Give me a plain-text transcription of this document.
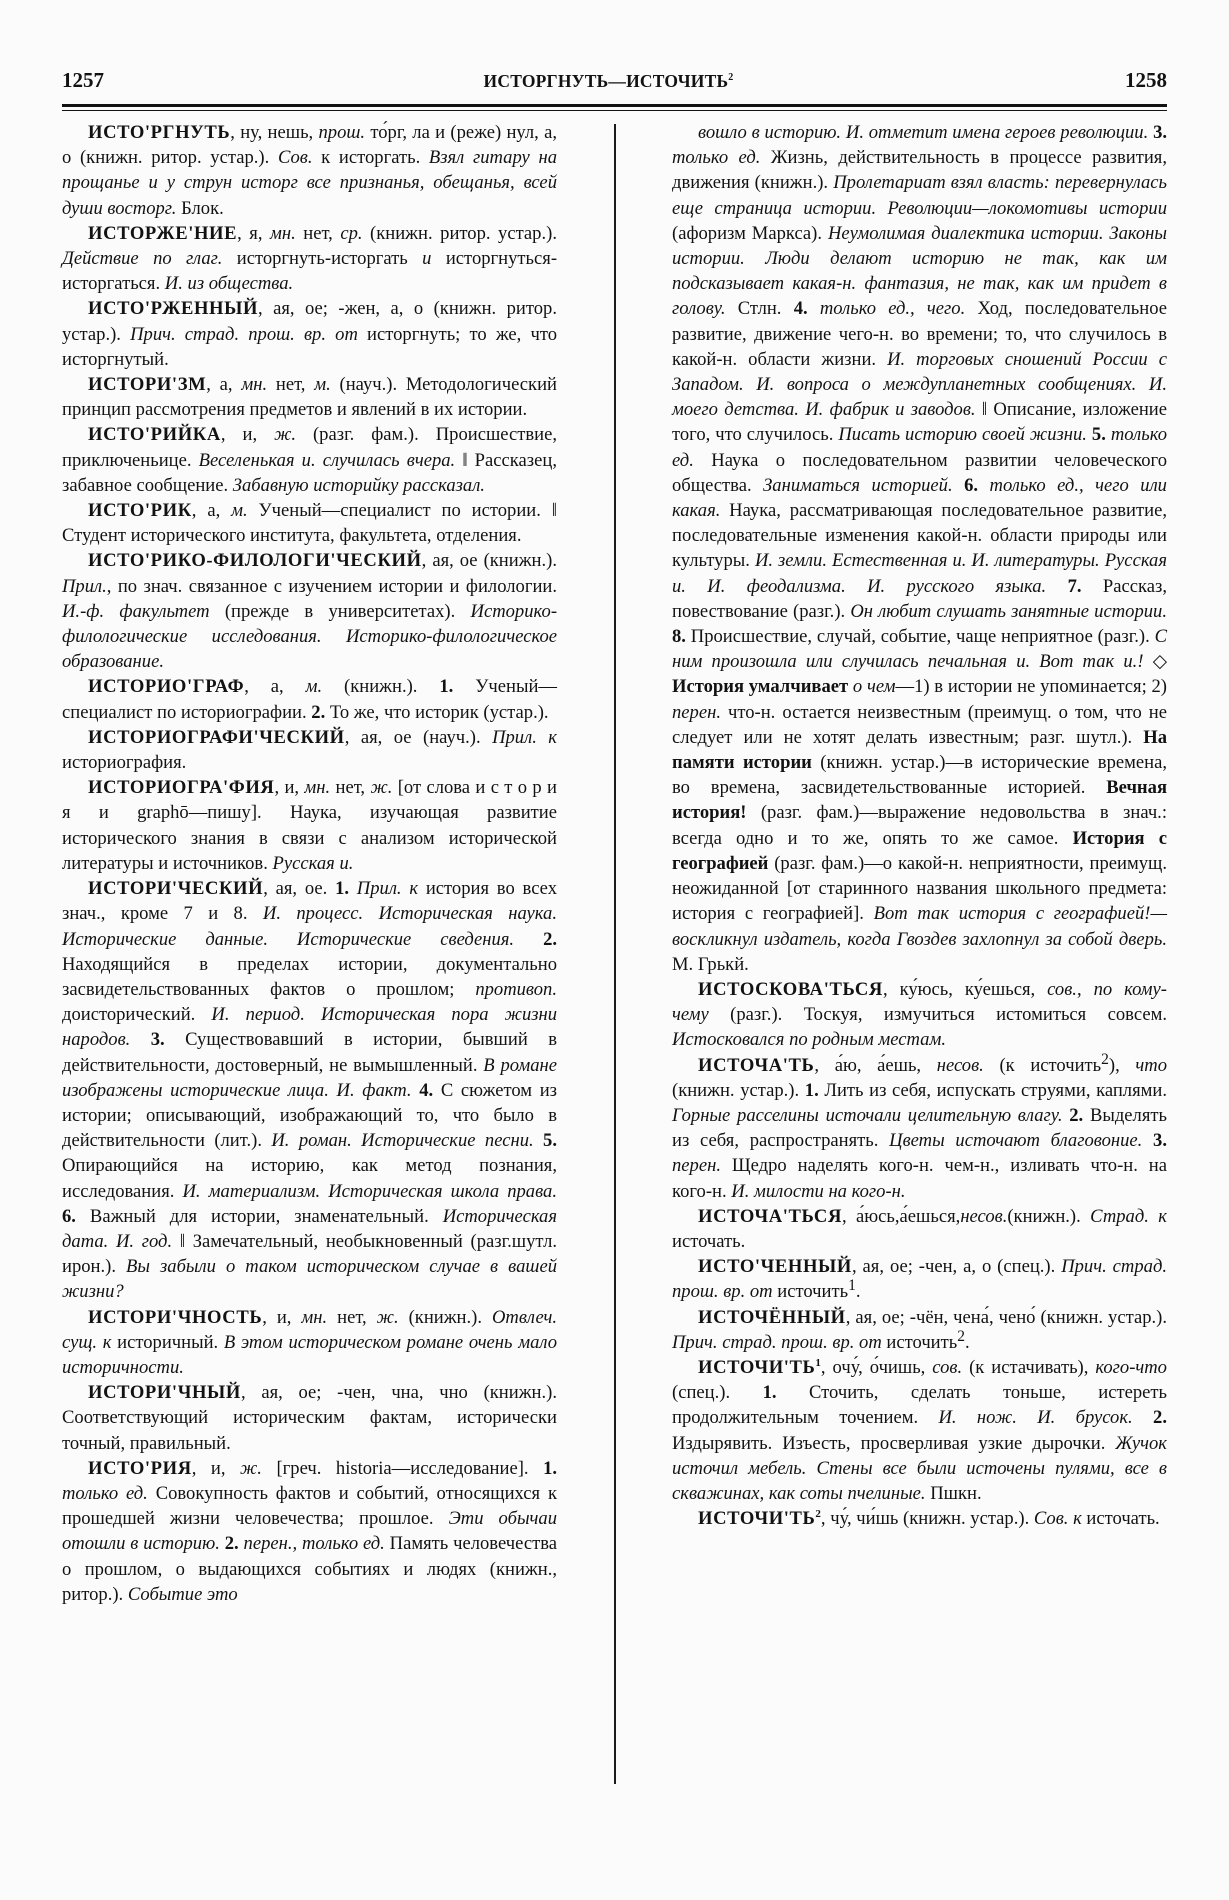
1257	ИСТОРГНУТЬ—ИСТОЧИТЬ$^2$	1258

ИСТО'РГНУТЬ, ну, нешь, прош. то́рг, ла и (реже) нул, а, о (книжн. ритор. устар.). Сов. к исторгать. Взял гитару на прощанье и у струн исторг все признанья, обещанья, всей души восторг. Блок.

ИСТОРЖЕ'НИЕ, я, мн. нет, ср. (книжн. ритор. устар.). Действие по глаг. исторгнуть-исторгать и исторгнуться-исторгаться. И. из общества.

ИСТО'РЖЕННЫЙ, ая, ое; -жен, а, о (книжн. ритор. устар.). Прич. страд. прош. вр. от исторгнуть; то же, что исторгнутый.

ИСТОРИ'ЗМ, а, мн. нет, м. (науч.). Методологический принцип рассмотрения предметов и явлений в их истории.

ИСТО'РИЙКА, и, ж. (разг. фам.). Происшествие, приключеньице. Веселенькая и. случилась вчера. ‖ Рассказец, забавное сообщение. Забавную историйку рассказал.

ИСТО'РИК, а, м. Ученый—специалист по истории. ‖ Студент исторического института, факультета, отделения.

ИСТО'РИКО-ФИЛОЛОГИ'ЧЕСКИЙ, ая, ое (книжн.). Прил., по знач. связанное с изучением истории и филологии. И.-ф. факультет (прежде в университетах). Историко-филологические исследования. Историко-филологическое образование.

ИСТОРИО'ГРАФ, а, м. (книжн.). 1. Ученый—специалист по историографии. 2. То же, что историк (устар.).

ИСТОРИОГРАФИ'ЧЕСКИЙ, ая, ое (науч.). Прил. к историография.

ИСТОРИОГРА'ФИЯ, и, мн. нет, ж. [от слова и с т о р и я и graphō—пишу]. Наука, изучающая развитие исторического знания в связи с анализом исторической литературы и источников. Русская и.

ИСТОРИ'ЧЕСКИЙ, ая, ое. 1. Прил. к история во всех знач., кроме 7 и 8. И. процесс. Историческая наука. Исторические данные. Исторические сведения. 2. Находящийся в пределах истории, документально засвидетельствованных фактов о прошлом; противоп. доисторический. И. период. Историческая пора жизни народов. 3. Существовавший в истории, бывший в действительности, достоверный, не вымышленный. В романе изображены исторические лица. И. факт. 4. С сюжетом из истории; описывающий, изображающий то, что было в действительности (лит.). И. роман. Исторические песни. 5. Опирающийся на историю, как метод познания, исследования. И. материализм. Историческая школа права. 6. Важный для истории, знаменательный. Историческая дата. И. год. ‖ Замечательный, необыкновенный (разг.шутл. ирон.). Вы забыли о таком историческом случае в вашей жизни?

ИСТОРИ'ЧНОСТЬ, и, мн. нет, ж. (книжн.). Отвлеч. сущ. к историчный. В этом историческом романе очень мало историчности.

ИСТОРИ'ЧНЫЙ, ая, ое; -чен, чна, чно (книжн.). Соответствующий историческим фактам, исторически точный, правильный.

ИСТО'РИЯ, и, ж. [греч. historia—исследование]. 1. только ед. Совокупность фактов и событий, относящихся к прошедшей жизни человечества; прошлое. Эти обычаи отошли в историю. 2. перен., только ед. Память человечества о прошлом, о выдающихся событиях и людях (книжн., ритор.). Событие это

вошло в историю. И. отметит имена героев революции. 3. только ед. Жизнь, действительность в процессе развития, движения (книжн.). Пролетариат взял власть: перевернулась еще страница истории. Революции—локомотивы истории (афоризм Маркса). Неумолимая диалектика истории. Законы истории. Люди делают историю не так, как им подсказывает какая-н. фантазия, не так, как им придет в голову. Стлн. 4. только ед., чего. Ход, последовательное развитие, движение чего-н. во времени; то, что случилось в какой-н. области жизни. И. торговых сношений России с Западом. И. вопроса о междупланетных сообщениях. И. моего детства. И. фабрик и заводов. ‖ Описание, изложение того, что случилось. Писать историю своей жизни. 5. только ед. Наука о последовательном развитии человеческого общества. Заниматься историей. 6. только ед., чего или какая. Наука, рассматривающая последовательное развитие, последовательные изменения какой-н. области природы или культуры. И. земли. Естественная и. И. литературы. Русская и. И. феодализма. И. русского языка. 7. Рассказ, повествование (разг.). Он любит слушать занятные истории. 8. Происшествие, случай, событие, чаще неприятное (разг.). С ним произошла или случилась печальная и. Вот так и.! ◇ История умалчивает о чем—1) в истории не упоминается; 2) перен. что-н. остается неизвестным (преимущ. о том, что не следует или не хотят делать известным; разг. шутл.). На памяти истории (книжн. устар.)—в исторические времена, во времена, засвидетельствованные историей. Вечная история! (разг. фам.)—выражение недовольства в знач.: всегда одно и то же, опять то же самое. История с географией (разг. фам.)—о какой-н. неприятности, преимущ. неожиданной [от старинного названия школьного предмета: история с географией]. Вот так история с географией!—воскликнул издатель, когда Гвоздев захлопнул за собой дверь. М. Грькй.

ИСТОСКОВА'ТЬСЯ, ку́юсь, ку́ешься, сов., по кому-чему (разг.). Тоскуя, измучиться истомиться совсем. Истосковался по родным местам.

ИСТОЧА'ТЬ, а́ю, а́ешь, несов. (к источить$^2$), что (книжн. устар.). 1. Лить из себя, испускать струями, каплями. Горные расселины источали целительную влагу. 2. Выделять из себя, распространять. Цветы источают благовоние. 3. перен. Щедро наделять кого-н. чем-н., изливать что-н. на кого-н. И. милости на кого-н.

ИСТОЧА'ТЬСЯ, а́юсь,а́ешься,несов.(книжн.). Страд. к источать.

ИСТО'ЧЕННЫЙ, ая, ое; -чен, а, о (спец.). Прич. страд. прош. вр. от источить$^1$.

ИСТОЧЁННЫЙ, ая, ое; -чён, чена́, чено́ (книжн. устар.). Прич. страд. прош. вр. от источить$^2$.

$ИСТОЧИ'ТЬ^1$, очу́, о́чишь, сов. (к истачивать), кого-что (спец.). 1. Сточить, сделать тоньше, истереть продолжительным точением. И. нож. И. брусок. 2. Издырявить. Изъесть, просверливая узкие дырочки. Жучок источил мебель. Стены все были источены пулями, все в скважинах, как соты пчелиные. Пшкн.

$ИСТОЧИ'ТЬ^2$, чу́, чи́шь (книжн. устар.). Сов. к источать.
